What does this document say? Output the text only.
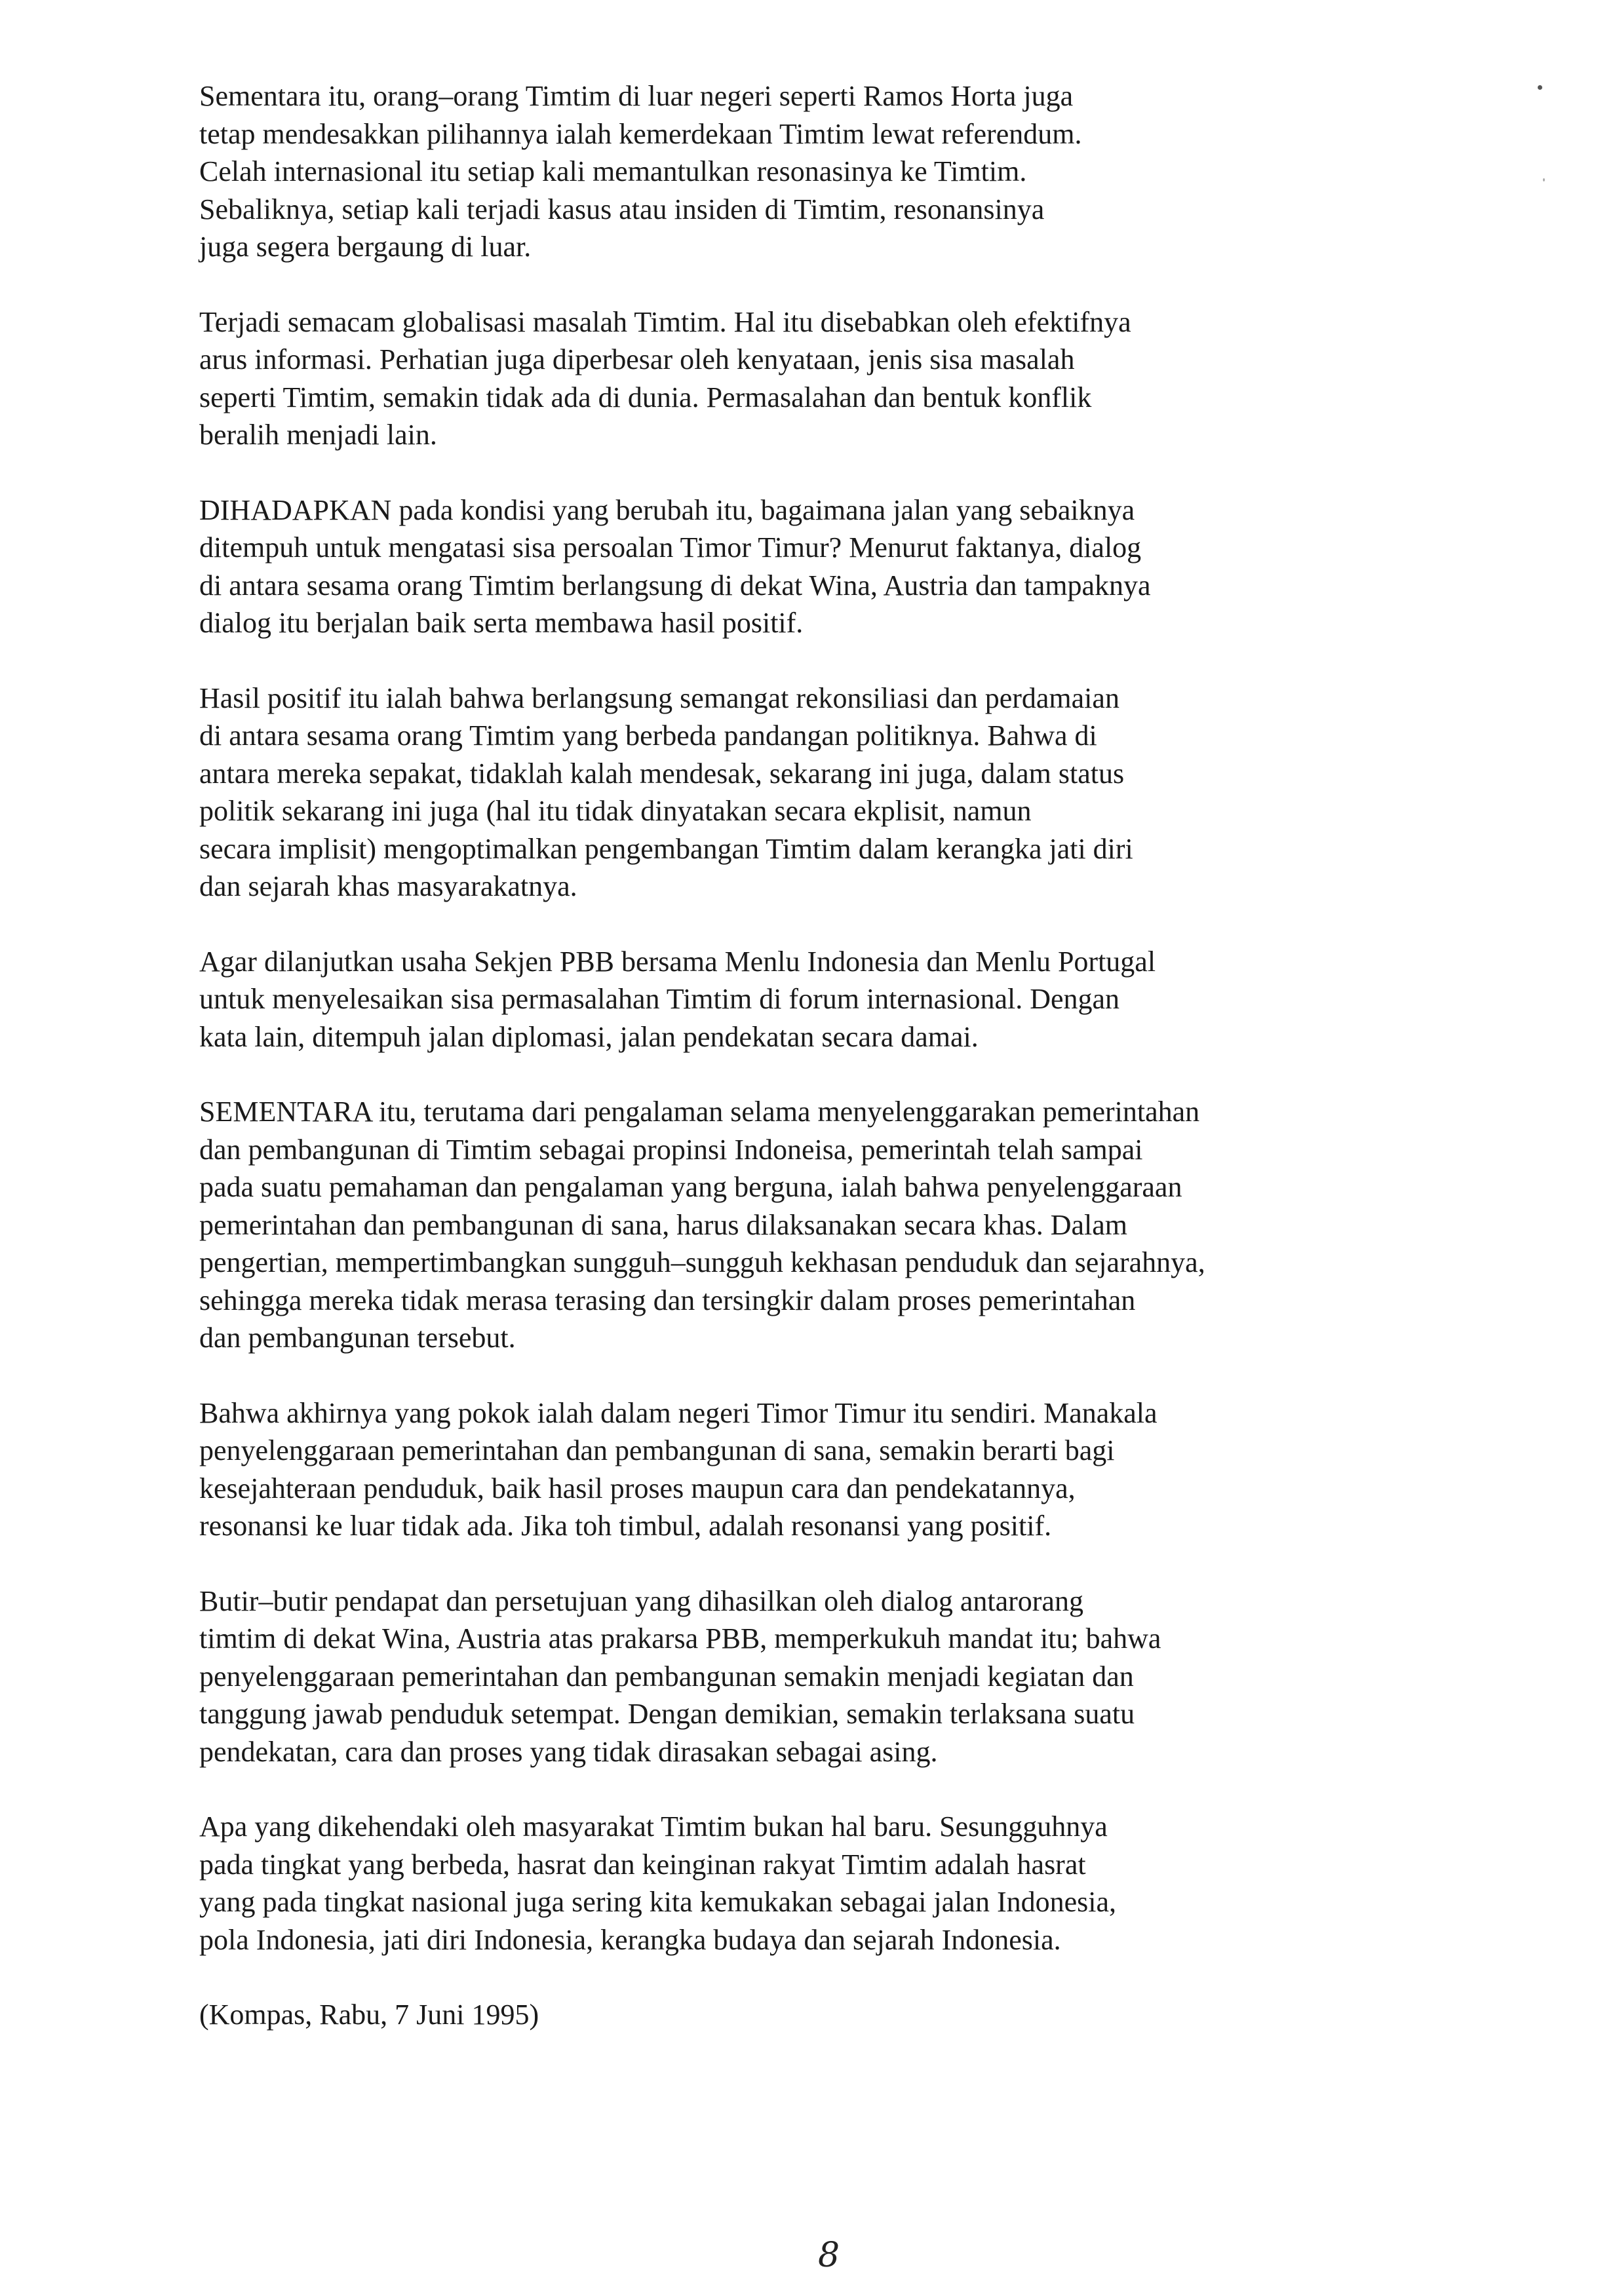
Sementara itu, orang–orang Timtim di luar negeri seperti Ramos Horta juga
tetap mendesakkan pilihannya ialah kemerdekaan Timtim lewat referendum.
Celah internasional itu setiap kali memantulkan resonasinya ke Timtim.
Sebaliknya, setiap kali terjadi kasus atau insiden di Timtim, resonansinya
juga segera bergaung di luar.

Terjadi semacam globalisasi masalah Timtim. Hal itu disebabkan oleh efektifnya
arus informasi. Perhatian juga diperbesar oleh kenyataan, jenis sisa masalah
seperti Timtim, semakin tidak ada di dunia. Permasalahan dan bentuk konflik
beralih menjadi lain.

DIHADAPKAN pada kondisi yang berubah itu, bagaimana jalan yang sebaiknya
ditempuh untuk mengatasi sisa persoalan Timor Timur? Menurut faktanya, dialog
di antara sesama orang Timtim berlangsung di dekat Wina, Austria dan tampaknya
dialog itu berjalan baik serta membawa hasil positif.

Hasil positif itu ialah bahwa berlangsung semangat rekonsiliasi dan perdamaian
di antara sesama orang Timtim yang berbeda pandangan politiknya. Bahwa di
antara mereka sepakat, tidaklah kalah mendesak, sekarang ini juga, dalam status
politik sekarang ini juga (hal itu tidak dinyatakan secara ekplisit, namun
secara implisit) mengoptimalkan pengembangan Timtim dalam kerangka jati diri
dan sejarah khas masyarakatnya.

Agar dilanjutkan usaha Sekjen PBB bersama Menlu Indonesia dan Menlu Portugal
untuk menyelesaikan sisa permasalahan Timtim di forum internasional. Dengan
kata lain, ditempuh jalan diplomasi, jalan pendekatan secara damai.

SEMENTARA itu, terutama dari pengalaman selama menyelenggarakan pemerintahan
dan pembangunan di Timtim sebagai propinsi Indoneisa, pemerintah telah sampai
pada suatu pemahaman dan pengalaman yang berguna, ialah bahwa penyelenggaraan
pemerintahan dan pembangunan di sana, harus dilaksanakan secara khas. Dalam
pengertian, mempertimbangkan sungguh–sungguh kekhasan penduduk dan sejarahnya,
sehingga mereka tidak merasa terasing dan tersingkir dalam proses pemerintahan
dan pembangunan tersebut.

Bahwa akhirnya yang pokok ialah dalam negeri Timor Timur itu sendiri. Manakala
penyelenggaraan pemerintahan dan pembangunan di sana, semakin berarti bagi
kesejahteraan penduduk, baik hasil proses maupun cara dan pendekatannya,
resonansi ke luar tidak ada. Jika toh timbul, adalah resonansi yang positif.

Butir–butir pendapat dan persetujuan yang dihasilkan oleh dialog antarorang
timtim di dekat Wina, Austria atas prakarsa PBB, memperkukuh mandat itu; bahwa
penyelenggaraan pemerintahan dan pembangunan semakin menjadi kegiatan dan
tanggung jawab penduduk setempat. Dengan demikian, semakin terlaksana suatu
pendekatan, cara dan proses yang tidak dirasakan sebagai asing.

Apa yang dikehendaki oleh masyarakat Timtim bukan hal baru. Sesungguhnya
pada tingkat yang berbeda, hasrat dan keinginan rakyat Timtim adalah hasrat
yang pada tingkat nasional juga sering kita kemukakan sebagai jalan Indonesia,
pola Indonesia, jati diri Indonesia, kerangka budaya dan sejarah Indonesia.

(Kompas, Rabu, 7 Juni 1995)

8
